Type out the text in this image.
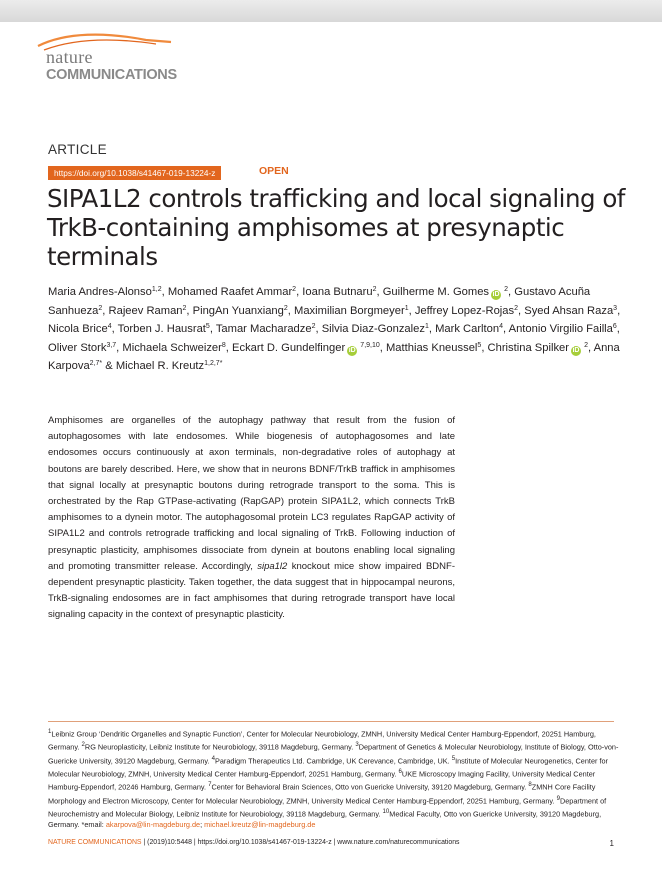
nature
COMMUNICATIONS
ARTICLE
https://doi.org/10.1038/s41467-019-13224-z	OPEN
SIPA1L2 controls trafficking and local signaling of TrkB-containing amphisomes at presynaptic terminals
Maria Andres-Alonso$^{1,2}$, Mohamed Raafet Ammar$^2$, Ioana Butnaru$^2$, Guilherme M. Gomes iD $^2$, Gustavo Acuña Sanhueza$^2$, Rajeev Raman$^2$, PingAn Yuanxiang$^2$, Maximilian Borgmeyer$^1$, Jeffrey Lopez-Rojas$^2$, Syed Ahsan Raza$^3$, Nicola Brice$^4$, Torben J. Hausrat$^5$, Tamar Macharadze$^2$, Silvia Diaz-Gonzalez$^1$, Mark Carlton$^4$, Antonio Virgilio Failla$^6$, Oliver Stork$^{3,7}$, Michaela Schweizer$^8$, Eckart D. Gundelfinger iD $^{7,9,10}$, Matthias Kneussel$^5$, Christina Spilker iD $^2$, Anna Karpova$^{2,7*}$ & Michael R. Kreutz$^{1,2,7*}$

Amphisomes are organelles of the autophagy pathway that result from the fusion of autophagosomes with late endosomes. While biogenesis of autophagosomes and late endosomes occurs continuously at axon terminals, non-degradative roles of autophagy at boutons are barely described. Here, we show that in neurons BDNF/TrkB traffick in amphisomes that signal locally at presynaptic boutons during retrograde transport to the soma. This is orchestrated by the Rap GTPase-activating (RapGAP) protein SIPA1L2, which connects TrkB amphisomes to a dynein motor. The autophagosomal protein LC3 regulates RapGAP activity of SIPA1L2 and controls retrograde trafficking and local signaling of TrkB. Following induction of presynaptic plasticity, amphisomes dissociate from dynein at boutons enabling local signaling and promoting transmitter release. Accordingly, sipa1l2 knockout mice show impaired BDNF-dependent presynaptic plasticity. Taken together, the data suggest that in hippocampal neurons, TrkB-signaling endosomes are in fact amphisomes that during retrograde transport have local signaling capacity in the context of presynaptic plasticity.

$^1$Leibniz Group ‘Dendritic Organelles and Synaptic Function’, Center for Molecular Neurobiology, ZMNH, University Medical Center Hamburg-Eppendorf, 20251 Hamburg, Germany. $^2$RG Neuroplasticity, Leibniz Institute for Neurobiology, 39118 Magdeburg, Germany. $^3$Department of Genetics & Molecular Neurobiology, Institute of Biology, Otto-von-Guericke University, 39120 Magdeburg, Germany. $^4$Paradigm Therapeutics Ltd. Cambridge, UK Cerevance, Cambridge, UK. $^5$Institute of Molecular Neurogenetics, Center for Molecular Neurobiology, ZMNH, University Medical Center Hamburg-Eppendorf, 20251 Hamburg, Germany. $^6$UKE Microscopy Imaging Facility, University Medical Center Hamburg-Eppendorf, 20246 Hamburg, Germany. $^7$Center for Behavioral Brain Sciences, Otto von Guericke University, 39120 Magdeburg, Germany. $^8$ZMNH Core Facility Morphology and Electron Microscopy, Center for Molecular Neurobiology, ZMNH, University Medical Center Hamburg-Eppendorf, 20251 Hamburg, Germany. $^9$Department of Neurochemistry and Molecular Biology, Leibniz Institute for Neurobiology, 39118 Magdeburg, Germany. $^{10}$Medical Faculty, Otto von Guericke University, 39120 Magdeburg, Germany. *email: akarpova@lin-magdeburg.de; michael.kreutz@lin-magdeburg.de

NATURE COMMUNICATIONS | (2019)10:5448 | https://doi.org/10.1038/s41467-019-13224-z | www.nature.com/naturecommunications	1
